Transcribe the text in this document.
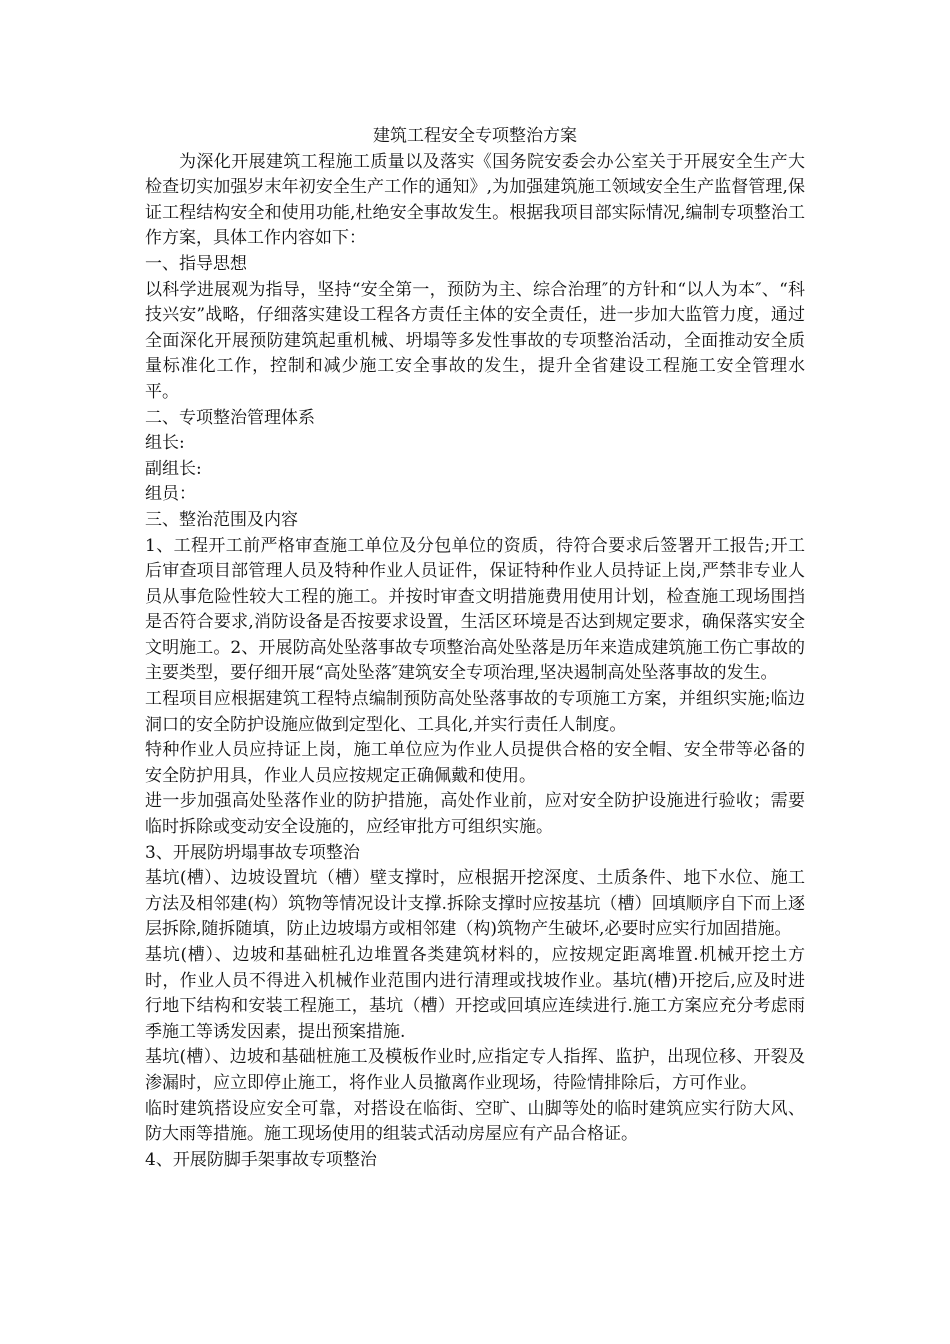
建筑工程安全专项整治方案

为深化开展建筑工程施工质量以及落实《国务院安委会办公室关于开展安全生产大检查切实加强岁末年初安全生产工作的通知》,为加强建筑施工领域安全生产监督管理,保证工程结构安全和使用功能,杜绝安全事故发生。根据我项目部实际情况,编制专项整治工作方案，具体工作内容如下：

一、指导思想

以科学进展观为指导，坚持“安全第一，预防为主、综合治理″的方针和“以人为本″、“科技兴安”战略，仔细落实建设工程各方责任主体的安全责任，进一步加大监管力度，通过全面深化开展预防建筑起重机械、坍塌等多发性事故的专项整治活动，全面推动安全质量标准化工作，控制和减少施工安全事故的发生，提升全省建设工程施工安全管理水平。

二、专项整治管理体系

组长:

副组长:

组员：

三、整治范围及内容

1、工程开工前严格审查施工单位及分包单位的资质，待符合要求后签署开工报告;开工后审查项目部管理人员及特种作业人员证件，保证特种作业人员持证上岗,严禁非专业人员从事危险性较大工程的施工。并按时审查文明措施费用使用计划，检查施工现场围挡是否符合要求,消防设备是否按要求设置，生活区环境是否达到规定要求，确保落实安全文明施工。2、开展防高处坠落事故专项整治高处坠落是历年来造成建筑施工伤亡事故的主要类型，要仔细开展“高处坠落″建筑安全专项治理,坚决遏制高处坠落事故的发生。

工程项目应根据建筑工程特点编制预防高处坠落事故的专项施工方案，并组织实施;临边洞口的安全防护设施应做到定型化、工具化,并实行责任人制度。

特种作业人员应持证上岗，施工单位应为作业人员提供合格的安全帽、安全带等必备的安全防护用具，作业人员应按规定正确佩戴和使用。

进一步加强高处坠落作业的防护措施，高处作业前，应对安全防护设施进行验收；需要临时拆除或变动安全设施的，应经审批方可组织实施。

3、开展防坍塌事故专项整治

基坑(槽）、边坡设置坑（槽）壁支撑时，应根据开挖深度、土质条件、地下水位、施工方法及相邻建(构）筑物等情况设计支撑.拆除支撑时应按基坑（槽）回填顺序自下而上逐层拆除,随拆随填，防止边坡塌方或相邻建（构)筑物产生破坏,必要时应实行加固措施。

基坑(槽）、边坡和基础桩孔边堆置各类建筑材料的，应按规定距离堆置.机械开挖土方时，作业人员不得进入机械作业范围内进行清理或找坡作业。基坑(槽)开挖后,应及时进行地下结构和安装工程施工，基坑（槽）开挖或回填应连续进行.施工方案应充分考虑雨季施工等诱发因素，提出预案措施.

基坑(槽）、边坡和基础桩施工及模板作业时,应指定专人指挥、监护，出现位移、开裂及渗漏时，应立即停止施工，将作业人员撤离作业现场，待险情排除后，方可作业。

临时建筑搭设应安全可靠，对搭设在临街、空旷、山脚等处的临时建筑应实行防大风、防大雨等措施。施工现场使用的组装式活动房屋应有产品合格证。

4、开展防脚手架事故专项整治
